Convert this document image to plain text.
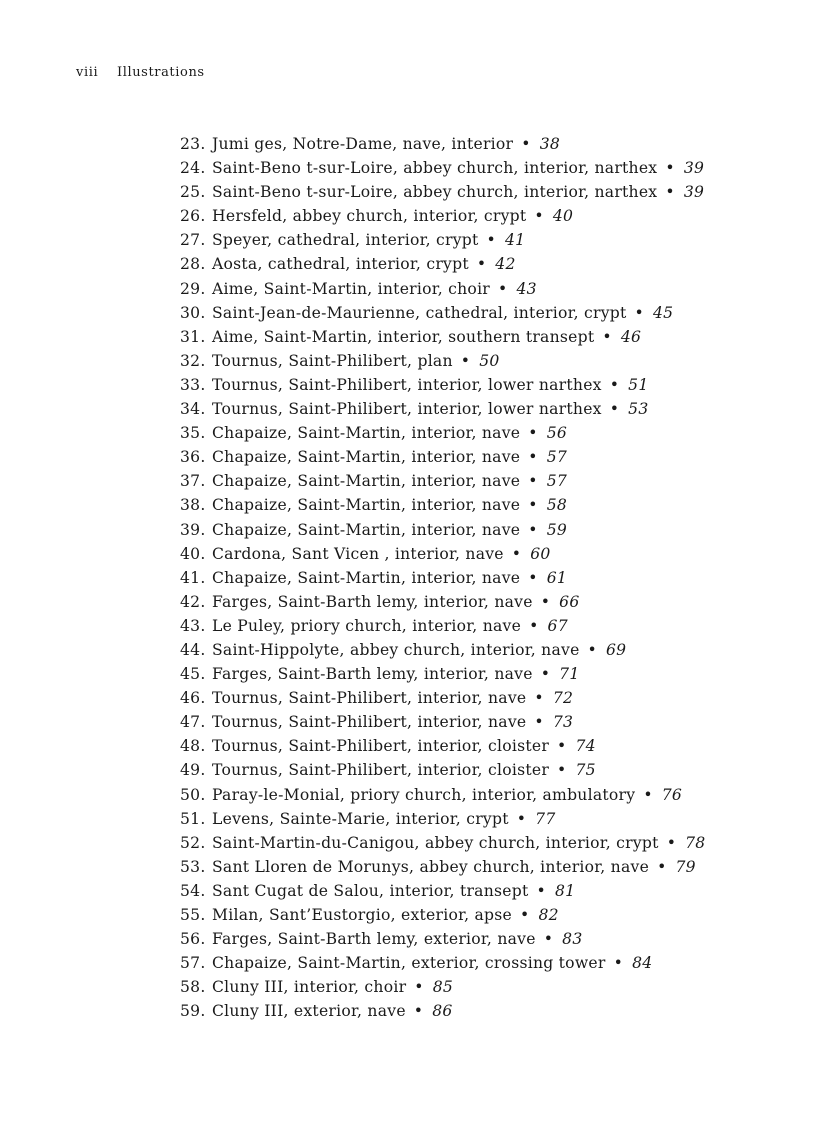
viii Illustrations
23. Jumi ges, Notre-Dame, nave, interior • 38
24. Saint-Beno t-sur-Loire, abbey church, interior, narthex • 39
25. Saint-Beno t-sur-Loire, abbey church, interior, narthex • 39
26. Hersfeld, abbey church, interior, crypt • 40
27. Speyer, cathedral, interior, crypt • 41
28. Aosta, cathedral, interior, crypt • 42
29. Aime, Saint-Martin, interior, choir • 43
30. Saint-Jean-de-Maurienne, cathedral, interior, crypt • 45
31. Aime, Saint-Martin, interior, southern transept • 46
32. Tournus, Saint-Philibert, plan • 50
33. Tournus, Saint-Philibert, interior, lower narthex • 51
34. Tournus, Saint-Philibert, interior, lower narthex • 53
35. Chapaize, Saint-Martin, interior, nave • 56
36. Chapaize, Saint-Martin, interior, nave • 57
37. Chapaize, Saint-Martin, interior, nave • 57
38. Chapaize, Saint-Martin, interior, nave • 58
39. Chapaize, Saint-Martin, interior, nave • 59
40. Cardona, Sant Vicen , interior, nave • 60
41. Chapaize, Saint-Martin, interior, nave • 61
42. Farges, Saint-Barth lemy, interior, nave • 66
43. Le Puley, priory church, interior, nave • 67
44. Saint-Hippolyte, abbey church, interior, nave • 69
45. Farges, Saint-Barth lemy, interior, nave • 71
46. Tournus, Saint-Philibert, interior, nave • 72
47. Tournus, Saint-Philibert, interior, nave • 73
48. Tournus, Saint-Philibert, interior, cloister • 74
49. Tournus, Saint-Philibert, interior, cloister • 75
50. Paray-le-Monial, priory church, interior, ambulatory • 76
51. Levens, Sainte-Marie, interior, crypt • 77
52. Saint-Martin-du-Canigou, abbey church, interior, crypt • 78
53. Sant Lloren de Morunys, abbey church, interior, nave • 79
54. Sant Cugat de Salou, interior, transept • 81
55. Milan, Sant’Eustorgio, exterior, apse • 82
56. Farges, Saint-Barth lemy, exterior, nave • 83
57. Chapaize, Saint-Martin, exterior, crossing tower • 84
58. Cluny III, interior, choir • 85
59. Cluny III, exterior, nave • 86
